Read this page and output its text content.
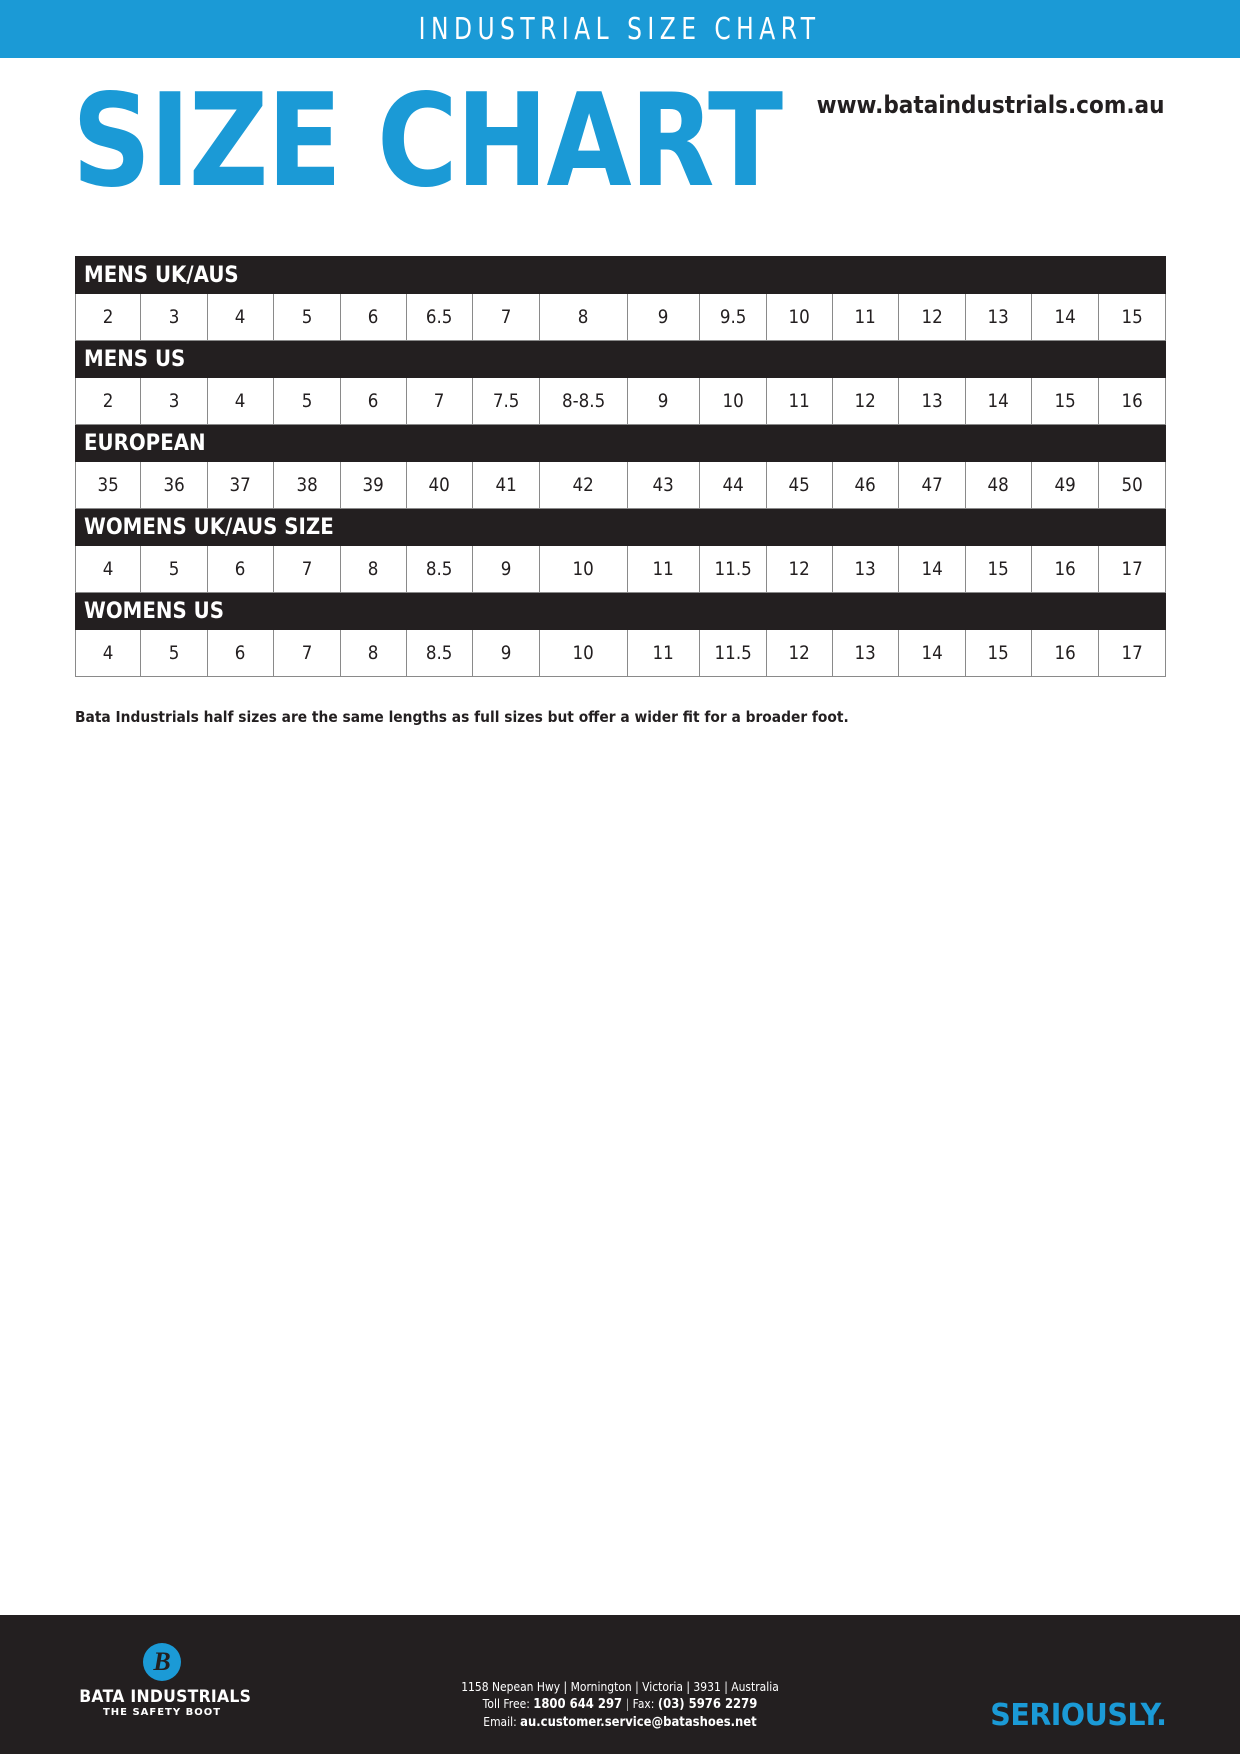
INDUSTRIAL SIZE CHART
SIZE CHART www.bataindustrials.com.au
MENS UK/AUS															
2	3	4	5	6	6.5	7	8	9	9.5	10	11	12	13	14	15
MENS US															
2	3	4	5	6	7	7.5	8-8.5	9	10	11	12	13	14	15	16
EUROPEAN															
35	36	37	38	39	40	41	42	43	44	45	46	47	48	49	50
WOMENS UK/AUS SIZE															
4	5	6	7	8	8.5	9	10	11	11.5	12	13	14	15	16	17
WOMENS US															
4	5	6	7	8	8.5	9	10	11	11.5	12	13	14	15	16	17
Bata Industrials half sizes are the same lengths as full sizes but offer a wider fit for a broader foot.
B
BATA INDUSTRIALS
THE SAFETY BOOT
1158 Nepean Hwy | Mornington | Victoria | 3931 | Australia
Toll Free: 1800 644 297 | Fax: (03) 5976 2279
Email: au.customer.service@batashoes.net	SERIOUSLY.
